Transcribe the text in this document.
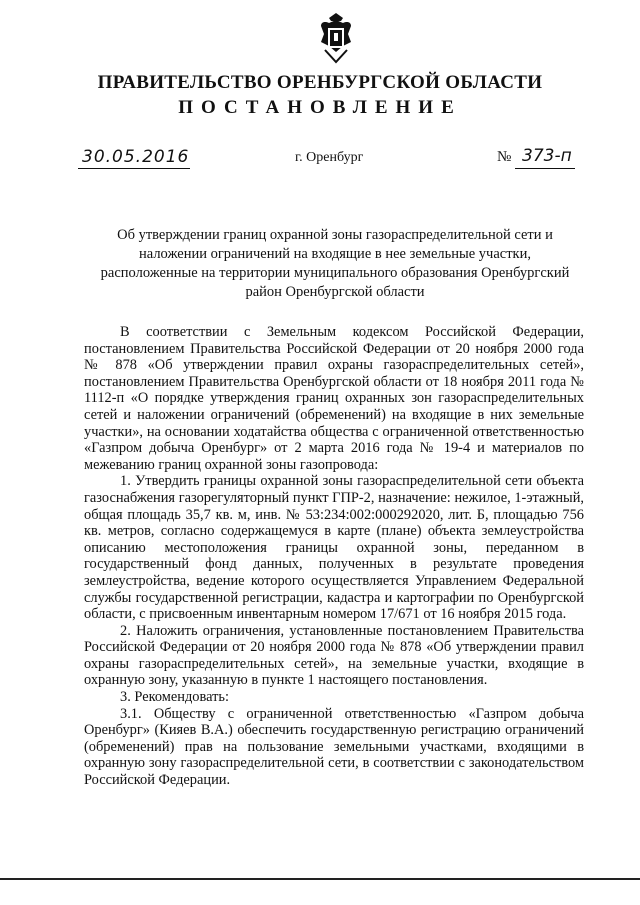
ПРАВИТЕЛЬСТВО ОРЕНБУРГСКОЙ ОБЛАСТИ
ПОСТАНОВЛЕНИЕ
30.05.2016	г. Оренбург	№ 373-п
Об утверждении границ охранной зоны газораспределительной сети и наложении ограничений на входящие в нее земельные участки, расположенные на территории муниципального образования Оренбургский район Оренбургской области

В соответствии с Земельным кодексом Российской Федерации, постановлением Правительства Российской Федерации от 20 ноября 2000 года № 878 «Об утверждении правил охраны газораспределительных сетей», постановлением Правительства Оренбургской области от 18 ноября 2011 года № 1112-п «О порядке утверждения границ охранных зон газораспределительных сетей и наложении ограничений (обременений) на входящие в них земельные участки», на основании ходатайства общества с ограниченной ответственностью «Газпром добыча Оренбург» от 2 марта 2016 года № 19-4 и материалов по межеванию границ охранной зоны газопровода:

1. Утвердить границы охранной зоны газораспределительной сети объекта газоснабжения газорегуляторный пункт ГПР-2, назначение: нежилое, 1-этажный, общая площадь 35,7 кв. м, инв. № 53:234:002:000292020, лит. Б, площадью 756 кв. метров, согласно содержащемуся в карте (плане) объекта землеустройства описанию местоположения границы охранной зоны, переданном в государственный фонд данных, полученных в результате проведения землеустройства, ведение которого осуществляется Управлением Федеральной службы государственной регистрации, кадастра и картографии по Оренбургской области, с присвоенным инвентарным номером 17/671 от 16 ноября 2015 года.

2. Наложить ограничения, установленные постановлением Правительства Российской Федерации от 20 ноября 2000 года № 878 «Об утверждении правил охраны газораспределительных сетей», на земельные участки, входящие в охранную зону, указанную в пункте 1 настоящего постановления.

3. Рекомендовать:

3.1. Обществу с ограниченной ответственностью «Газпром добыча Оренбург» (Кияев В.А.) обеспечить государственную регистрацию ограничений (обременений) прав на пользование земельными участками, входящими в охранную зону газораспределительной сети, в соответствии с законодательством Российской Федерации.
